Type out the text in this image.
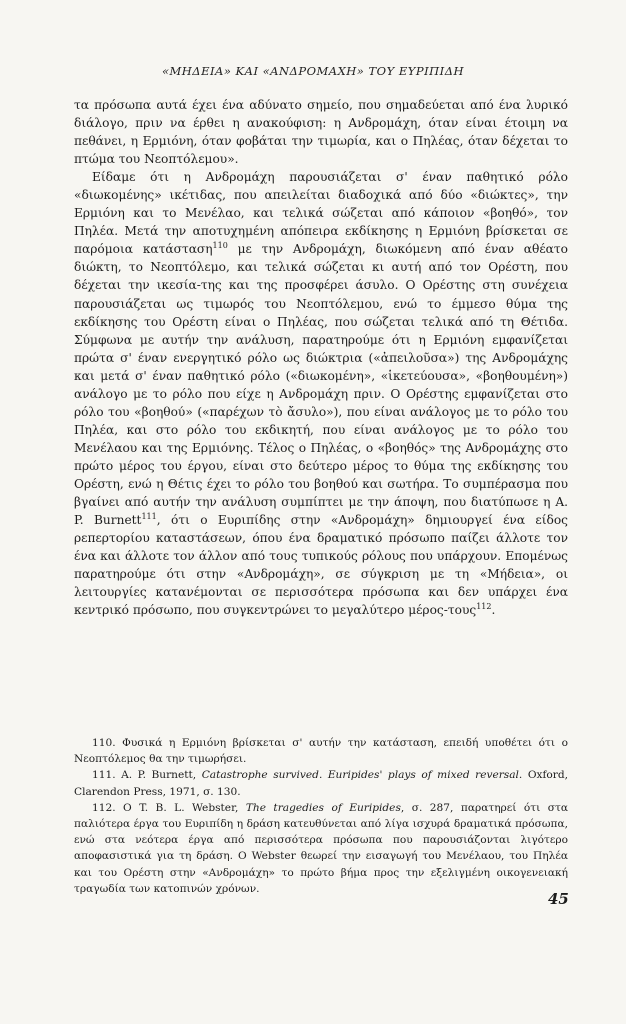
«ΜΗΔΕΙΑ» ΚΑΙ «ΑΝΔΡΟΜΑΧΗ» ΤΟΥ ΕΥΡΙΠΙΔΗ

τα πρόσωπα αυτά έχει ένα αδύνατο σημείο, που σημαδεύεται από ένα λυρικό διάλογο, πριν να έρθει η ανακούφιση: η Ανδρομάχη, όταν είναι έτοιμη να πεθάνει, η Ερμιόνη, όταν φοβάται την τιμωρία, και ο Πηλέας, όταν δέχεται το πτώμα του Νεοπτόλεμου».

Είδαμε ότι η Ανδρομάχη παρουσιάζεται σ' έναν παθητικό ρόλο «διωκομένης» ικέτιδας, που απειλείται διαδοχικά από δύο «διώκτες», την Ερμιόνη και το Μενέλαο, και τελικά σώζεται από κάποιον «βοηθό», τον Πηλέα. Μετά την αποτυχημένη απόπειρα εκδίκησης η Ερμιόνη βρίσκεται σε παρόμοια κατάσταση$^{110}$ με την Ανδρομάχη, διωκόμενη από έναν αθέατο διώκτη, το Νεοπτόλεμο, και τελικά σώζεται κι αυτή από τον Ορέστη, που δέχεται την ικεσία-της και της προσφέρει άσυλο. Ο Ορέστης στη συνέχεια παρουσιάζεται ως τιμωρός του Νεοπτόλεμου, ενώ το έμμεσο θύμα της εκδίκησης του Ορέστη είναι ο Πηλέας, που σώζεται τελικά από τη Θέτιδα. Σύμφωνα με αυτήν την ανάλυση, παρατηρούμε ότι η Ερμιόνη εμφανίζεται πρώτα σ' έναν ενεργητικό ρόλο ως διώκτρια («ἀπειλοῦσα») της Ανδρομάχης και μετά σ' έναν παθητικό ρόλο («διωκομένη», «ἱκετεύουσα», «βοηθουμένη») ανάλογο με το ρόλο που είχε η Ανδρομάχη πριν. Ο Ορέστης εμφανίζεται στο ρόλο του «βοηθού» («παρέχων τὸ ἄσυλο»), που είναι ανάλογος με το ρόλο του Πηλέα, και στο ρόλο του εκδικητή, που είναι ανάλογος με το ρόλο του Μενέλαου και της Ερμιόνης. Τέλος ο Πηλέας, ο «βοηθός» της Ανδρομάχης στο πρώτο μέρος του έργου, είναι στο δεύτερο μέρος το θύμα της εκδίκησης του Ορέστη, ενώ η Θέτις έχει το ρόλο του βοηθού και σωτήρα. Το συμπέρασμα που βγαίνει από αυτήν την ανάλυση συμπίπτει με την άποψη, που διατύπωσε η A. P. Burnett$^{111}$, ότι ο Ευριπίδης στην «Ανδρομάχη» δημιουργεί ένα είδος ρεπερτορίου καταστάσεων, όπου ένα δραματικό πρόσωπο παίζει άλλοτε τον ένα και άλλοτε τον άλλον από τους τυπικούς ρόλους που υπάρχουν. Επομένως παρατηρούμε ότι στην «Ανδρομάχη», σε σύγκριση με τη «Μήδεια», οι λειτουργίες κατανέμονται σε περισσότερα πρόσωπα και δεν υπάρχει ένα κεντρικό πρόσωπο, που συγκεντρώνει το μεγαλύτερο μέρος-τους$^{112}$.

110. Φυσικά η Ερμιόνη βρίσκεται σ' αυτήν την κατάσταση, επειδή υποθέτει ότι ο Νεοπτόλεμος θα την τιμωρήσει.

111. A. P. Burnett, Catastrophe survived. Euripides' plays of mixed reversal. Oxford, Clarendon Press, 1971, σ. 130.

112. Ο T. B. L. Webster, The tragedies of Euripides, σ. 287, παρατηρεί ότι στα παλιότερα έργα του Ευριπίδη η δράση κατευθύνεται από λίγα ισχυρά δραματικά πρόσωπα, ενώ στα νεότερα έργα από περισσότερα πρόσωπα που παρουσιάζονται λιγότερο αποφασιστικά για τη δράση. Ο Webster θεωρεί την εισαγωγή του Μενέλαου, του Πηλέα και του Ορέστη στην «Ανδρομάχη» το πρώτο βήμα προς την εξελιγμένη οικογενειακή τραγωδία των κατοπινών χρόνων.

45
